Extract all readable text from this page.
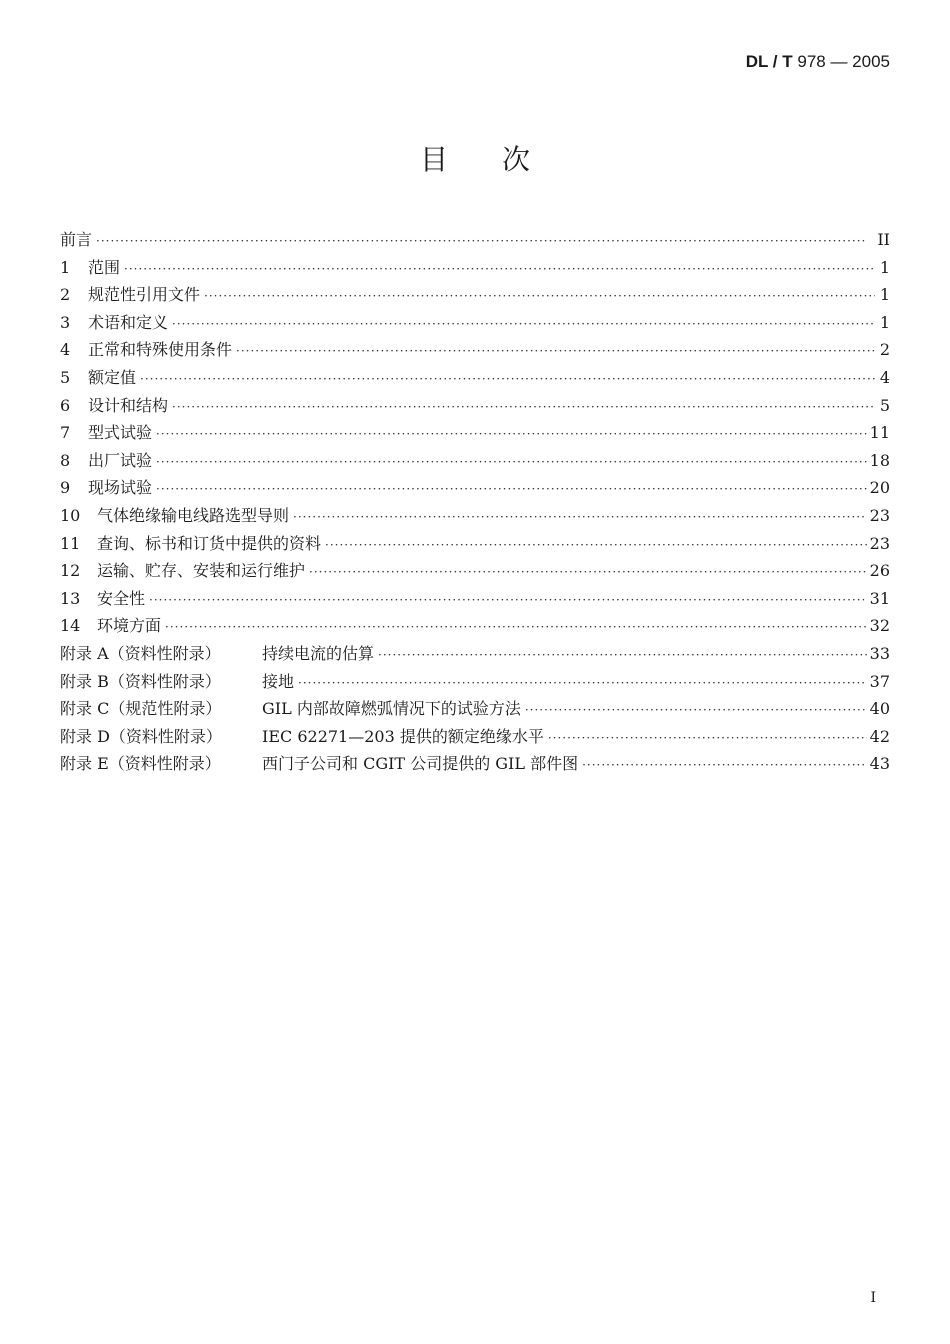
DL / T 978 — 2005
目次
前言 ·····	II
1	范围 ·····	1
2	规范性引用文件 ·····	1
3	术语和定义 ·····	1
4	正常和特殊使用条件 ·····	2
5	额定值 ·····	4
6	设计和结构 ·····	5
7	型式试验 ·····	11
8	出厂试验 ·····	18
9	现场试验 ·····	20
10	气体绝缘输电线路选型导则 ·····	23
11	查询、标书和订货中提供的资料 ·····	23
12	运输、贮存、安装和运行维护 ·····	26
13	安全性 ·····	31
14	环境方面 ·····	32
附录 A（资料性附录）	持续电流的估算 ·····	33
附录 B（资料性附录）	接地 ·····	37
附录 C（规范性附录）	GIL 内部故障燃弧情况下的试验方法 ·····	40
附录 D（资料性附录）	IEC 62271—203 提供的额定绝缘水平 ·····	42
附录 E（资料性附录）	西门子公司和 CGIT 公司提供的 GIL 部件图 ·····	43
I
